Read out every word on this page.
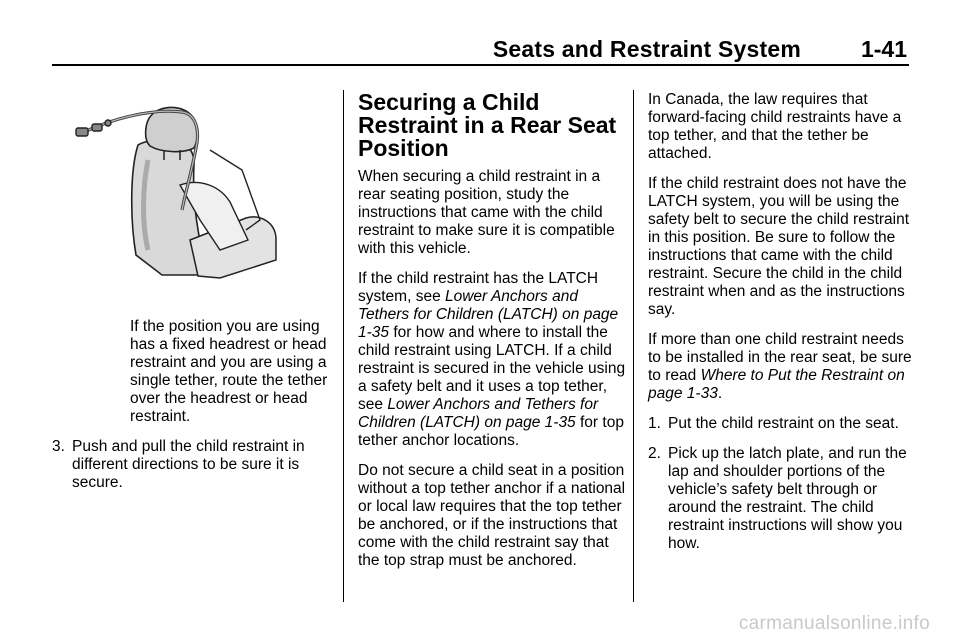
Seats and Restraint System	1-41

If the position you are using has a fixed headrest or head restraint and you are using a single tether, route the tether over the headrest or head restraint.

3. Push and pull the child restraint in different directions to be sure it is secure.
Securing a Child Restraint in a Rear Seat Position

When securing a child restraint in a rear seating position, study the instructions that came with the child restraint to make sure it is compatible with this vehicle.

If the child restraint has the LATCH system, see Lower Anchors and Tethers for Children (LATCH) on page 1-35 for how and where to install the child restraint using LATCH. If a child restraint is secured in the vehicle using a safety belt and it uses a top tether, see Lower Anchors and Tethers for Children (LATCH) on page 1-35 for top tether anchor locations.

Do not secure a child seat in a position without a top tether anchor if a national or local law requires that the top tether be anchored, or if the instructions that come with the child restraint say that the top strap must be anchored.

In Canada, the law requires that forward-facing child restraints have a top tether, and that the tether be attached.

If the child restraint does not have the LATCH system, you will be using the safety belt to secure the child restraint in this position. Be sure to follow the instructions that came with the child restraint. Secure the child in the child restraint when and as the instructions say.

If more than one child restraint needs to be installed in the rear seat, be sure to read Where to Put the Restraint on page 1-33.

1. Put the child restraint on the seat.
2. Pick up the latch plate, and run the lap and shoulder portions of the vehicle’s safety belt through or around the restraint. The child restraint instructions will show you how.
carmanualsonline.info
